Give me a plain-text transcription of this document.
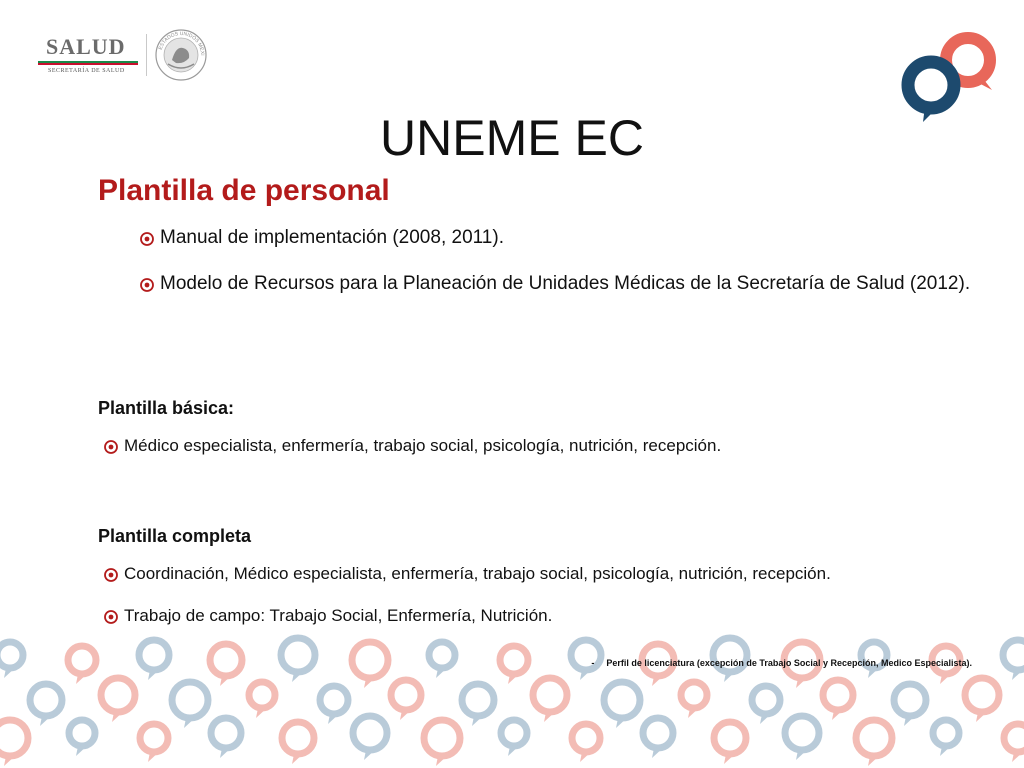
SALUD
SECRETARÍA DE SALUD
ESTADOS UNIDOS MEXI
UNEME EC
Plantilla de personal
Manual de implementación (2008, 2011).
Modelo de Recursos para la Planeación de Unidades Médicas de la Secretaría de Salud (2012).
Plantilla básica:
Médico especialista, enfermería, trabajo social, psicología, nutrición, recepción.
Plantilla completa
Coordinación, Médico especialista, enfermería, trabajo social, psicología, nutrición, recepción.
Trabajo de campo: Trabajo Social, Enfermería, Nutrición.
- Perfil de licenciatura (excepción de Trabajo Social y Recepción, Medico Especialista).
